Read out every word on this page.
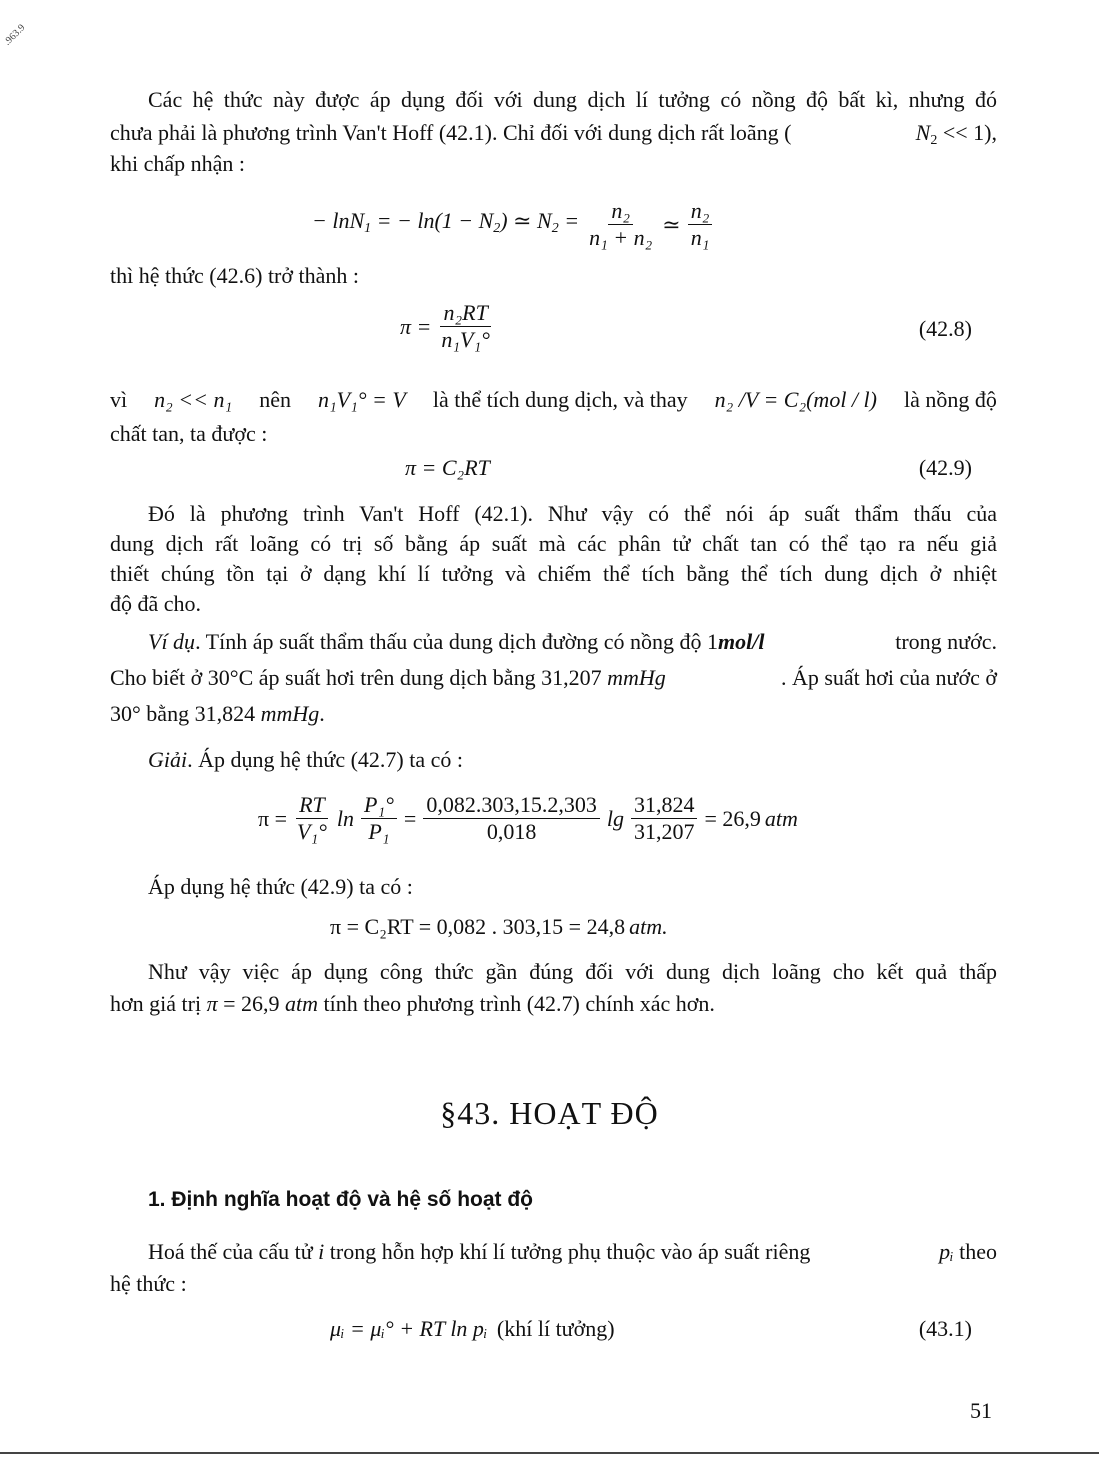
.963.9
Các hệ thức này được áp dụng đối với dung dịch lí tưởng có nồng độ bất kì, nhưng đó
chưa phải là phương trình Van't Hoff (42.1). Chỉ đối với dung dịch rất loãng (	$N_2 << 1$),
khi chấp nhận :
− lnN$_1$ = − $\ln(1 - N_2)$ ≃ $N_2 = \frac{\text{n₂}}{\text{n₁ + n₂}}$ ≃ $\frac{\text{n₂}}{\text{n₁}}$
thì hệ thức (42.6) trở thành :
$\pi = \frac{\text{n₂RT}}{\text{n₁V₁°}}$	(42.8)
vì n₂ << n₁ nên n₁V₁° = V là thể tích dung dịch, và thay n₂ /V = C₂(mol / l) là nồng độ
chất tan, ta được :
π = C₂RT	(42.9)
Đó là phương trình Van't Hoff (42.1). Như vậy có thể nói áp suất thẩm thấu của
dung dịch rất loãng có trị số bằng áp suất mà các phân tử chất tan có thể tạo ra nếu giả
thiết chúng tồn tại ở dạng khí lí tưởng và chiếm thể tích bằng thể tích dung dịch ở nhiệt
độ đã cho.
Ví dụ. Tính áp suất thẩm thấu của dung dịch đường có nồng độ 1mol/l	trong nước.
Cho biết ở 30°C áp suất hơi trên dung dịch bằng 31,207 mmHg	. Áp suất hơi của nước ở
30° bằng 31,824 mmHg.
Giải. Áp dụng hệ thức (42.7) ta có :
$\pi = \frac{RT}{\text{V₁°}}$ $\ln \frac{\text{P₁°}}{\text{P₁}} = \frac{0,082.303,15.2,303}{0,018}$ $\lg \frac{31,824}{31,207} = 26,9$ atm
Áp dụng hệ thức (42.9) ta có :
π = C₂RT = 0,082 . 303,15 = 24,8 atm.
Như vậy việc áp dụng công thức gần đúng đối với dung dịch loãng cho kết quả thấp
hơn giá trị π = 26,9 atm tính theo phương trình (42.7) chính xác hơn.
§43. HOẠT ĐỘ
1. Định nghĩa hoạt độ và hệ số hoạt độ
Hoá thế của cấu tử i trong hỗn hợp khí lí tưởng phụ thuộc vào áp suất riêng	pᵢ theo
hệ thức :
μᵢ = μᵢ° + RT ln pᵢ (khí lí tưởng)	(43.1)
51
